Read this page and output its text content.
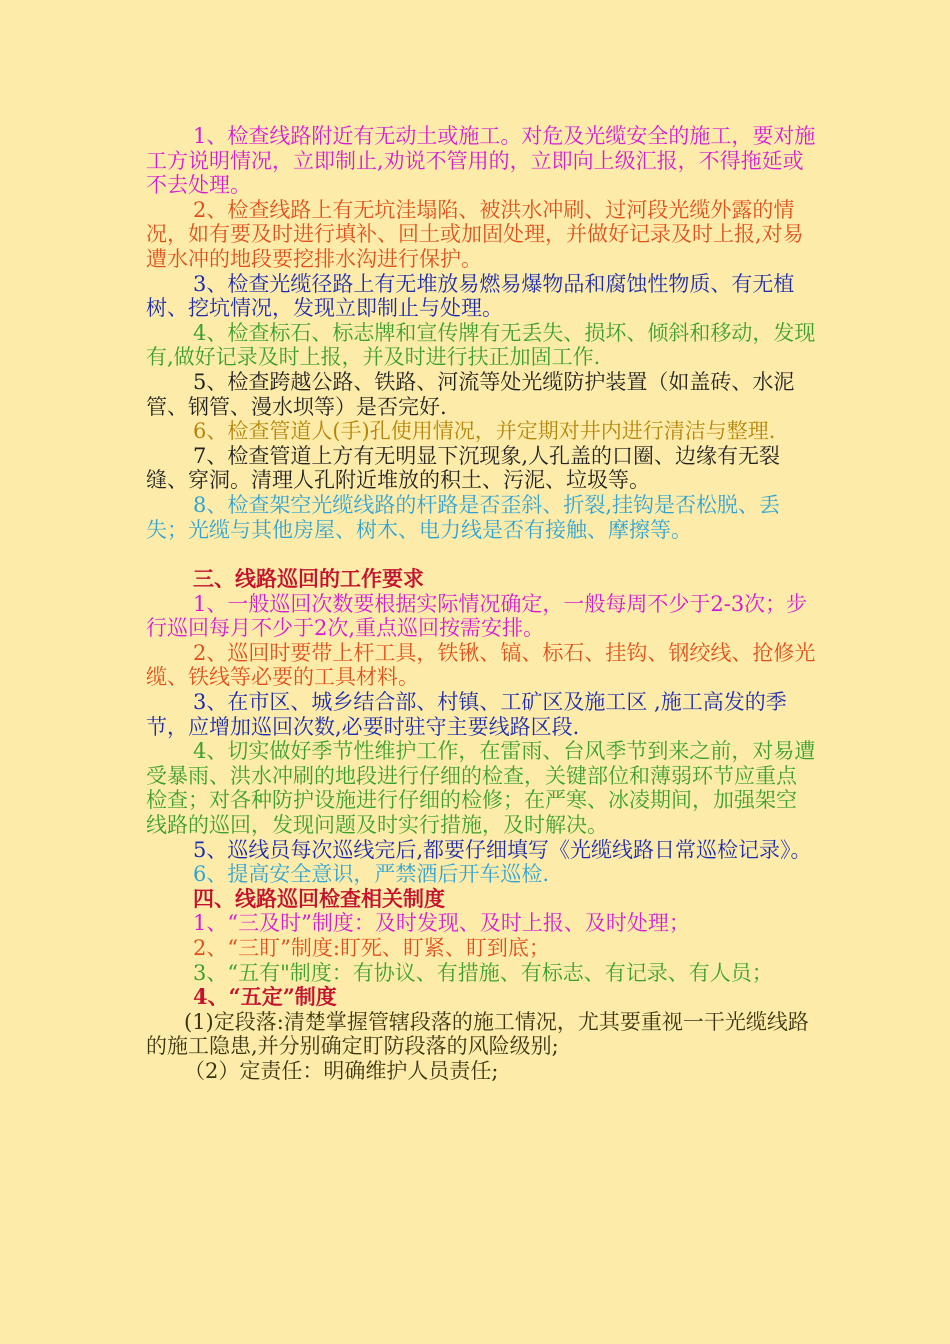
1、检查线路附近有无动土或施工。对危及光缆安全的施工，要对施工方说明情况，立即制止,劝说不管用的，立即向上级汇报，不得拖延或不去处理。

2、检查线路上有无坑洼塌陷、被洪水冲刷、过河段光缆外露的情况，如有要及时进行填补、回土或加固处理，并做好记录及时上报,对易遭水冲的地段要挖排水沟进行保护。

3、检查光缆径路上有无堆放易燃易爆物品和腐蚀性物质、有无植树、挖坑情况，发现立即制止与处理。

4、检查标石、标志牌和宣传牌有无丢失、损坏、倾斜和移动，发现有,做好记录及时上报，并及时进行扶正加固工作.

5、检查跨越公路、铁路、河流等处光缆防护装置（如盖砖、水泥管、钢管、漫水坝等）是否完好.

6、检查管道人(手)孔使用情况，并定期对井内进行清洁与整理.

7、检查管道上方有无明显下沉现象,人孔盖的口圈、边缘有无裂缝、穿洞。清理人孔附近堆放的积土、污泥、垃圾等。

8、检查架空光缆线路的杆路是否歪斜、折裂,挂钩是否松脱、丢失；光缆与其他房屋、树木、电力线是否有接触、摩擦等。

三、线路巡回的工作要求

1、一般巡回次数要根据实际情况确定，一般每周不少于2-3次；步行巡回每月不少于2次,重点巡回按需安排。

2、巡回时要带上杆工具，铁锹、镐、标石、挂钩、钢绞线、抢修光缆、铁线等必要的工具材料。

3、在市区、城乡结合部、村镇、工矿区及施工区 ,施工高发的季节，应增加巡回次数,必要时驻守主要线路区段.

4、切实做好季节性维护工作，在雷雨、台风季节到来之前，对易遭受暴雨、洪水冲刷的地段进行仔细的检查，关键部位和薄弱环节应重点检查；对各种防护设施进行仔细的检修；在严寒、冰凌期间，加强架空线路的巡回，发现问题及时实行措施，及时解决。

5、巡线员每次巡线完后,都要仔细填写《光缆线路日常巡检记录》。

6、提高安全意识，严禁酒后开车巡检.

四、线路巡回检查相关制度

1、“三及时”制度：及时发现、及时上报、及时处理；

2、“三盯”制度:盯死、盯紧、盯到底；

3、“五有"制度：有协议、有措施、有标志、有记录、有人员；

4、“五定”制度

(1)定段落:清楚掌握管辖段落的施工情况，尤其要重视一干光缆线路的施工隐患,并分别确定盯防段落的风险级别;

（2）定责任：明确维护人员责任;
